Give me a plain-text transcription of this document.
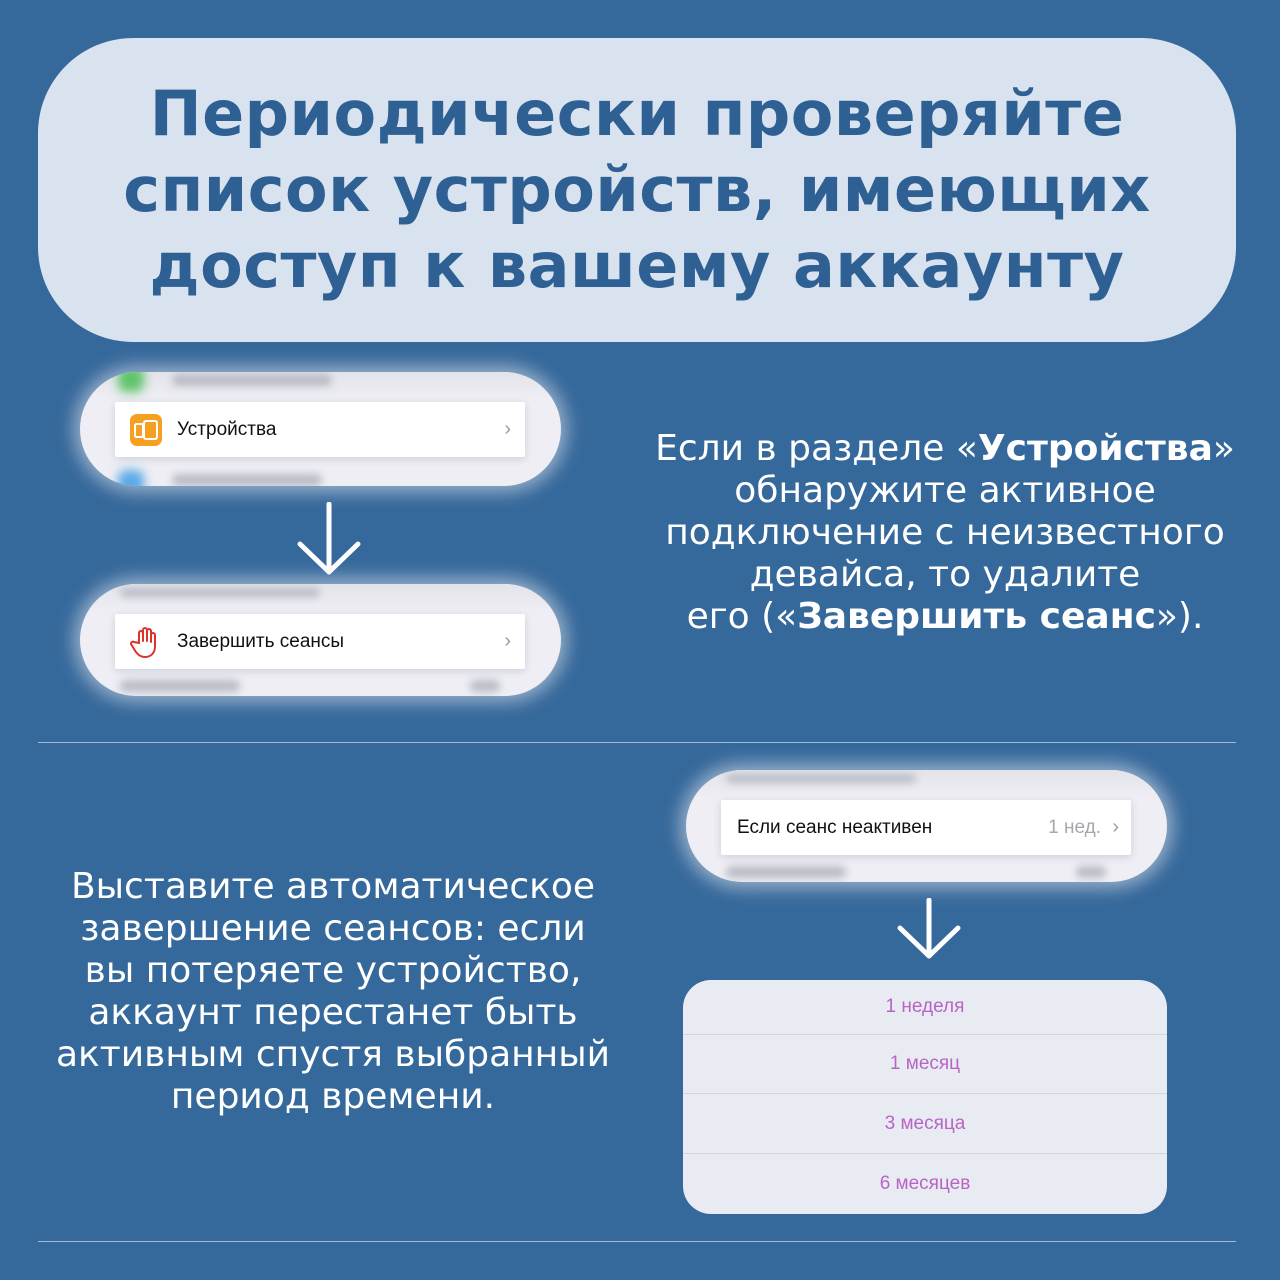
Периодически проверяйте
список устройств, имеющих
доступ к вашему аккаунту
Устройства	›
Завершить сеансы	›
Если в разделе «Устройства»
обнаружите активное
подключение с неизвестного
девайса, то удалите
его («Завершить сеанс»).
Если сеанс неактивен	1 нед. ›
Выставите автоматическое
завершение сеансов: если
вы потеряете устройство,
аккаунт перестанет быть
активным спустя выбранный
период времени.
1 неделя
1 месяц
3 месяца
6 месяцев
